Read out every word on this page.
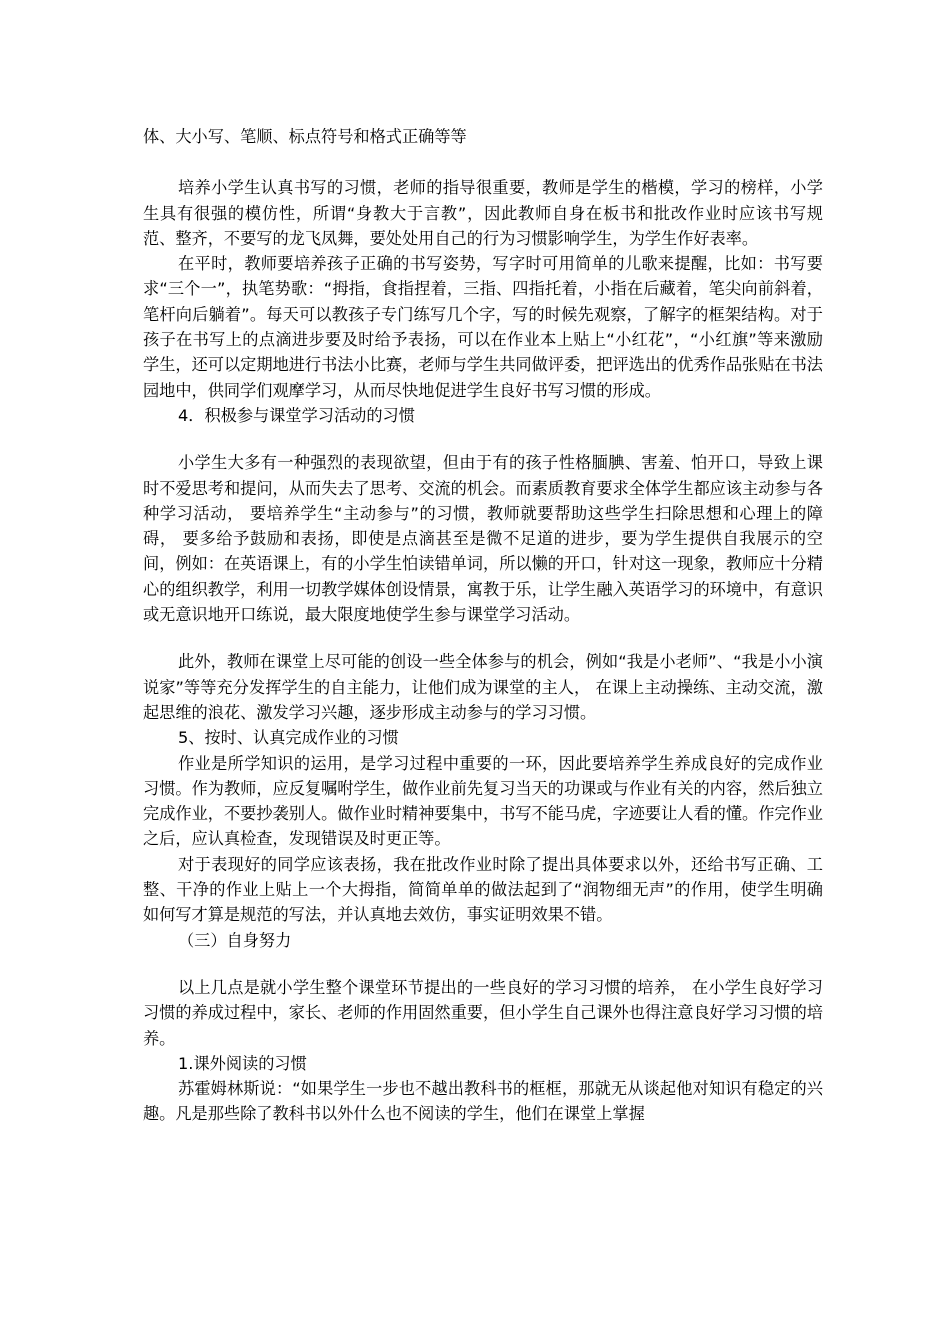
体、大小写、笔顺、标点符号和格式正确等等

培养小学生认真书写的习惯，老师的指导很重要，教师是学生的楷模，学习的榜样，小学生具有很强的模仿性，所谓“身教大于言教”，因此教师自身在板书和批改作业时应该书写规范、整齐，不要写的龙飞凤舞，要处处用自己的行为习惯影响学生，为学生作好表率。

在平时，教师要培养孩子正确的书写姿势，写字时可用简单的儿歌来提醒，比如：书写要求“三个一”，执笔势歌：“拇指，食指捏着，三指、四指托着，小指在后藏着，笔尖向前斜着，笔杆向后躺着”。每天可以教孩子专门练写几个字，写的时候先观察，了解字的框架结构。对于孩子在书写上的点滴进步要及时给予表扬，可以在作业本上贴上“小红花”，“小红旗”等来激励学生，还可以定期地进行书法小比赛，老师与学生共同做评委，把评选出的优秀作品张贴在书法园地中，供同学们观摩学习，从而尽快地促进学生良好书写习惯的形成。

4．积极参与课堂学习活动的习惯

小学生大多有一种强烈的表现欲望，但由于有的孩子性格腼腆、害羞、怕开口，导致上课时不爱思考和提问，从而失去了思考、交流的机会。而素质教育要求全体学生都应该主动参与各种学习活动， 要培养学生“主动参与”的习惯，教师就要帮助这些学生扫除思想和心理上的障碍， 要多给予鼓励和表扬，即使是点滴甚至是微不足道的进步，要为学生提供自我展示的空间，例如：在英语课上，有的小学生怕读错单词，所以懒的开口，针对这一现象，教师应十分精心的组织教学，利用一切教学媒体创设情景，寓教于乐，让学生融入英语学习的环境中，有意识或无意识地开口练说，最大限度地使学生参与课堂学习活动。

此外，教师在课堂上尽可能的创设一些全体参与的机会，例如“我是小老师”、“我是小小演说家”等等充分发挥学生的自主能力，让他们成为课堂的主人， 在课上主动操练、主动交流，激起思维的浪花、激发学习兴趣，逐步形成主动参与的学习习惯。

5、按时、认真完成作业的习惯

作业是所学知识的运用，是学习过程中重要的一环，因此要培养学生养成良好的完成作业习惯。作为教师，应反复嘱咐学生，做作业前先复习当天的功课或与作业有关的内容，然后独立完成作业，不要抄袭别人。做作业时精神要集中，书写不能马虎，字迹要让人看的懂。作完作业之后，应认真检查，发现错误及时更正等。

对于表现好的同学应该表扬，我在批改作业时除了提出具体要求以外，还给书写正确、工整、干净的作业上贴上一个大拇指，简简单单的做法起到了“润物细无声”的作用，使学生明确如何写才算是规范的写法，并认真地去效仿，事实证明效果不错。

（三）自身努力

以上几点是就小学生整个课堂环节提出的一些良好的学习习惯的培养， 在小学生良好学习习惯的养成过程中，家长、老师的作用固然重要，但小学生自己课外也得注意良好学习习惯的培养。

1.课外阅读的习惯

苏霍姆林斯说：“如果学生一步也不越出教科书的框框，那就无从谈起他对知识有稳定的兴趣。凡是那些除了教科书以外什么也不阅读的学生，他们在课堂上掌握
